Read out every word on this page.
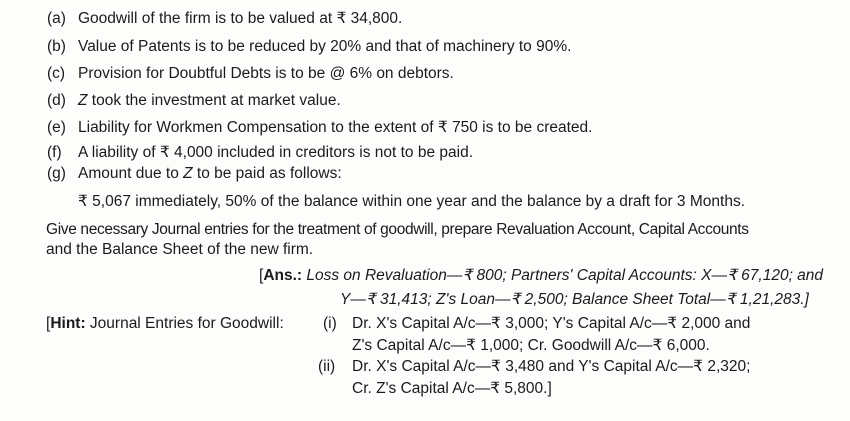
(a) Goodwill of the firm is to be valued at ₹ 34,800.
(b) Value of Patents is to be reduced by 20% and that of machinery to 90%.
(c) Provision for Doubtful Debts is to be @ 6% on debtors.
(d) Z took the investment at market value.
(e) Liability for Workmen Compensation to the extent of ₹ 750 is to be created.
(f) A liability of ₹ 4,000 included in creditors is not to be paid.
(g) Amount due to Z to be paid as follows:
₹ 5,067 immediately, 50% of the balance within one year and the balance by a draft for 3 Months.
Give necessary Journal entries for the treatment of goodwill, prepare Revaluation Account, Capital Accounts
and the Balance Sheet of the new firm.
[Ans.: Loss on Revaluation—₹ 800; Partners' Capital Accounts: X—₹ 67,120; and
Y—₹ 31,413; Z's Loan—₹ 2,500; Balance Sheet Total—₹ 1,21,283.]
[Hint: Journal Entries for Goodwill:	(i) Dr. X's Capital A/c—₹ 3,000; Y's Capital A/c—₹ 2,000 and
Z's Capital A/c—₹ 1,000; Cr. Goodwill A/c—₹ 6,000.
(ii) Dr. X's Capital A/c—₹ 3,480 and Y's Capital A/c—₹ 2,320;
Cr. Z's Capital A/c—₹ 5,800.]
